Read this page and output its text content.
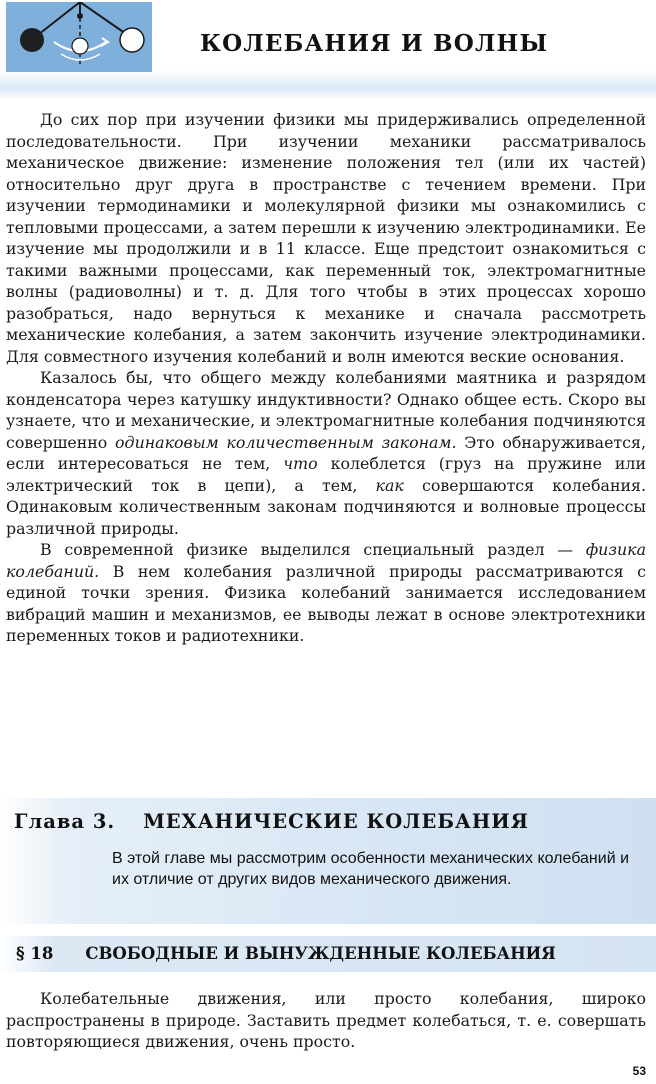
КОЛЕБАНИЯ И ВОЛНЫ

До сих пор при изучении физики мы придерживались определенной последовательности. При изучении механики рассматривалось механическое движение: изменение положения тел (или их частей) относительно друг друга в пространстве с течением времени. При изучении термодинамики и молекулярной физики мы ознакомились с тепловыми процессами, а затем перешли к изучению электродинамики. Ее изучение мы продолжили и в 11 классе. Еще предстоит ознакомиться с такими важными процессами, как переменный ток, электромагнитные волны (радиоволны) и т. д. Для того чтобы в этих процессах хорошо разобраться, надо вернуться к механике и сначала рассмотреть механические колебания, а затем закончить изучение электродинамики. Для совместного изучения колебаний и волн имеются веские основания.

Казалось бы, что общего между колебаниями маятника и разрядом конденсатора через катушку индуктивности? Однако общее есть. Скоро вы узнаете, что и механические, и электромагнитные колебания подчиняются совершенно одинаковым количественным законам. Это обнаруживается, если интересоваться не тем, что колеблется (груз на пружине или электрический ток в цепи), а тем, как совершаются колебания. Одинаковым количественным законам подчиняются и волновые процессы различной природы.

В современной физике выделился специальный раздел — физика колебаний. В нем колебания различной природы рассматриваются с единой точки зрения. Физика колебаний занимается исследованием вибраций машин и механизмов, ее выводы лежат в основе электротехники переменных токов и радиотехники.

Глава 3. МЕХАНИЧЕСКИЕ КОЛЕБАНИЯ
В этой главе мы рассмотрим особенности механических колебаний и их отличие от других видов механического движения.
§ 18 СВОБОДНЫЕ И ВЫНУЖДЕННЫЕ КОЛЕБАНИЯ

Колебательные движения, или просто колебания, широко распространены в природе. Заставить предмет колебаться, т. е. совершать повторяющиеся движения, очень просто.

53
